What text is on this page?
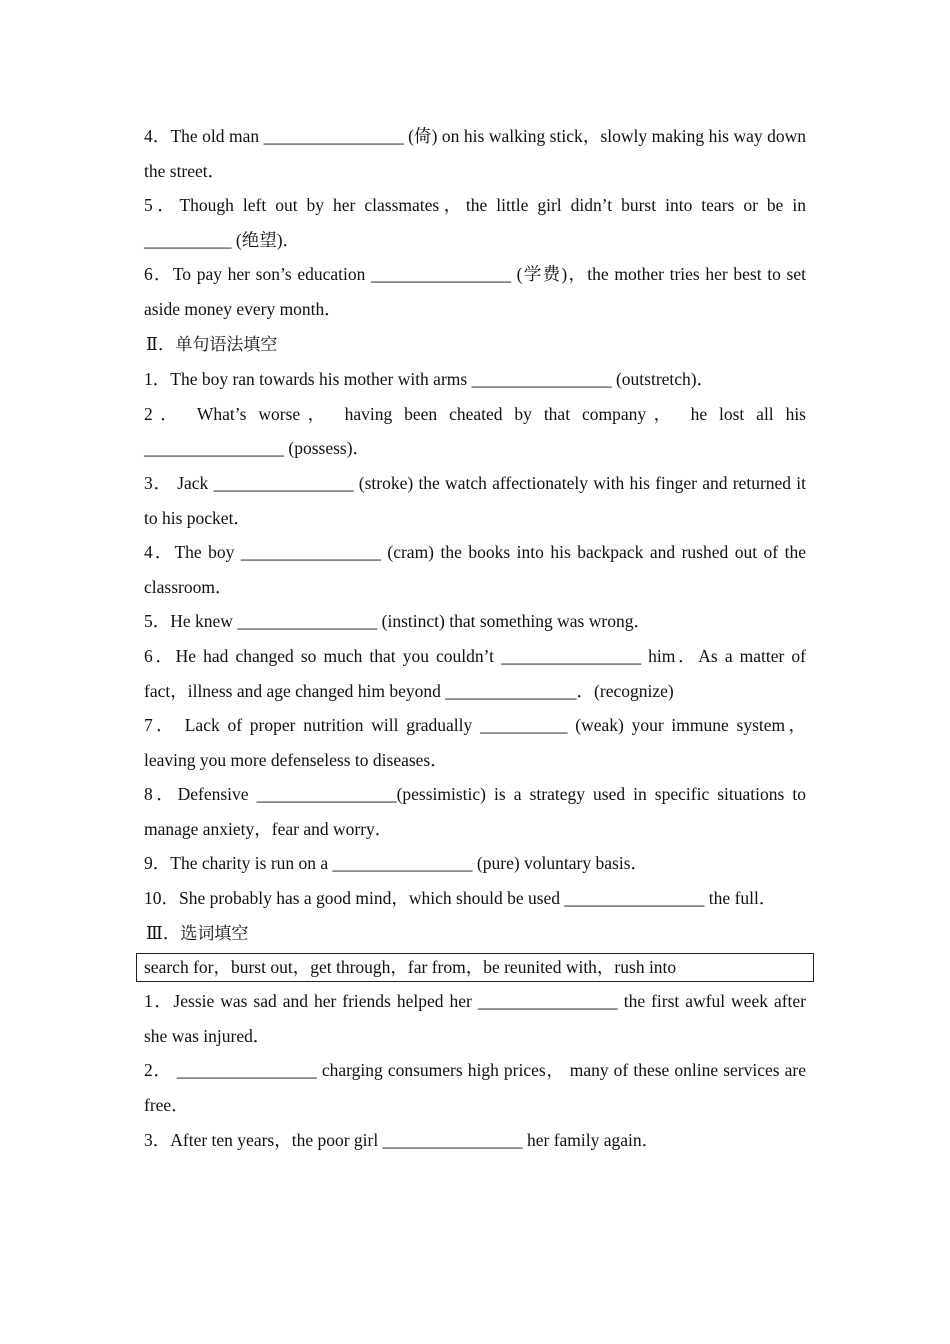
4．The old man ________________ (倚) on his walking stick，slowly making his way down the street．

5．Though left out by her classmates，the little girl didn’t burst into tears or be in __________ (绝望)．

6．To pay her son’s education ________________ (学费)，the mother tries her best to set aside money every month．

Ⅱ．单句语法填空

1．The boy ran towards his mother with arms ________________ (outstretch)．

2． What’s worse， having been cheated by that company， he lost all his ________________ (possess)．

3． Jack ________________ (stroke) the watch affectionately with his finger and returned it to his pocket．

4．The boy ________________ (cram) the books into his backpack and rushed out of the classroom．

5．He knew ________________ (instinct) that something was wrong．

6．He had changed so much that you couldn’t ________________ him．As a matter of fact，illness and age changed him beyond _______________．(recognize)

7． Lack of proper nutrition will gradually __________ (weak) your immune system，leaving you more defenseless to diseases．

8．Defensive ________________(pessimistic) is a strategy used in specific situations to manage anxiety，fear and worry．

9．The charity is run on a ________________ (pure) voluntary basis．

10．She probably has a good mind，which should be used ________________ the full．

Ⅲ．选词填空

search for，burst out，get through，far from，be reunited with，rush into

1．Jessie was sad and her friends helped her ________________ the first awful week after she was injured．

2． ________________ charging consumers high prices， many of these online services are free．

3．After ten years，the poor girl ________________ her family again．
